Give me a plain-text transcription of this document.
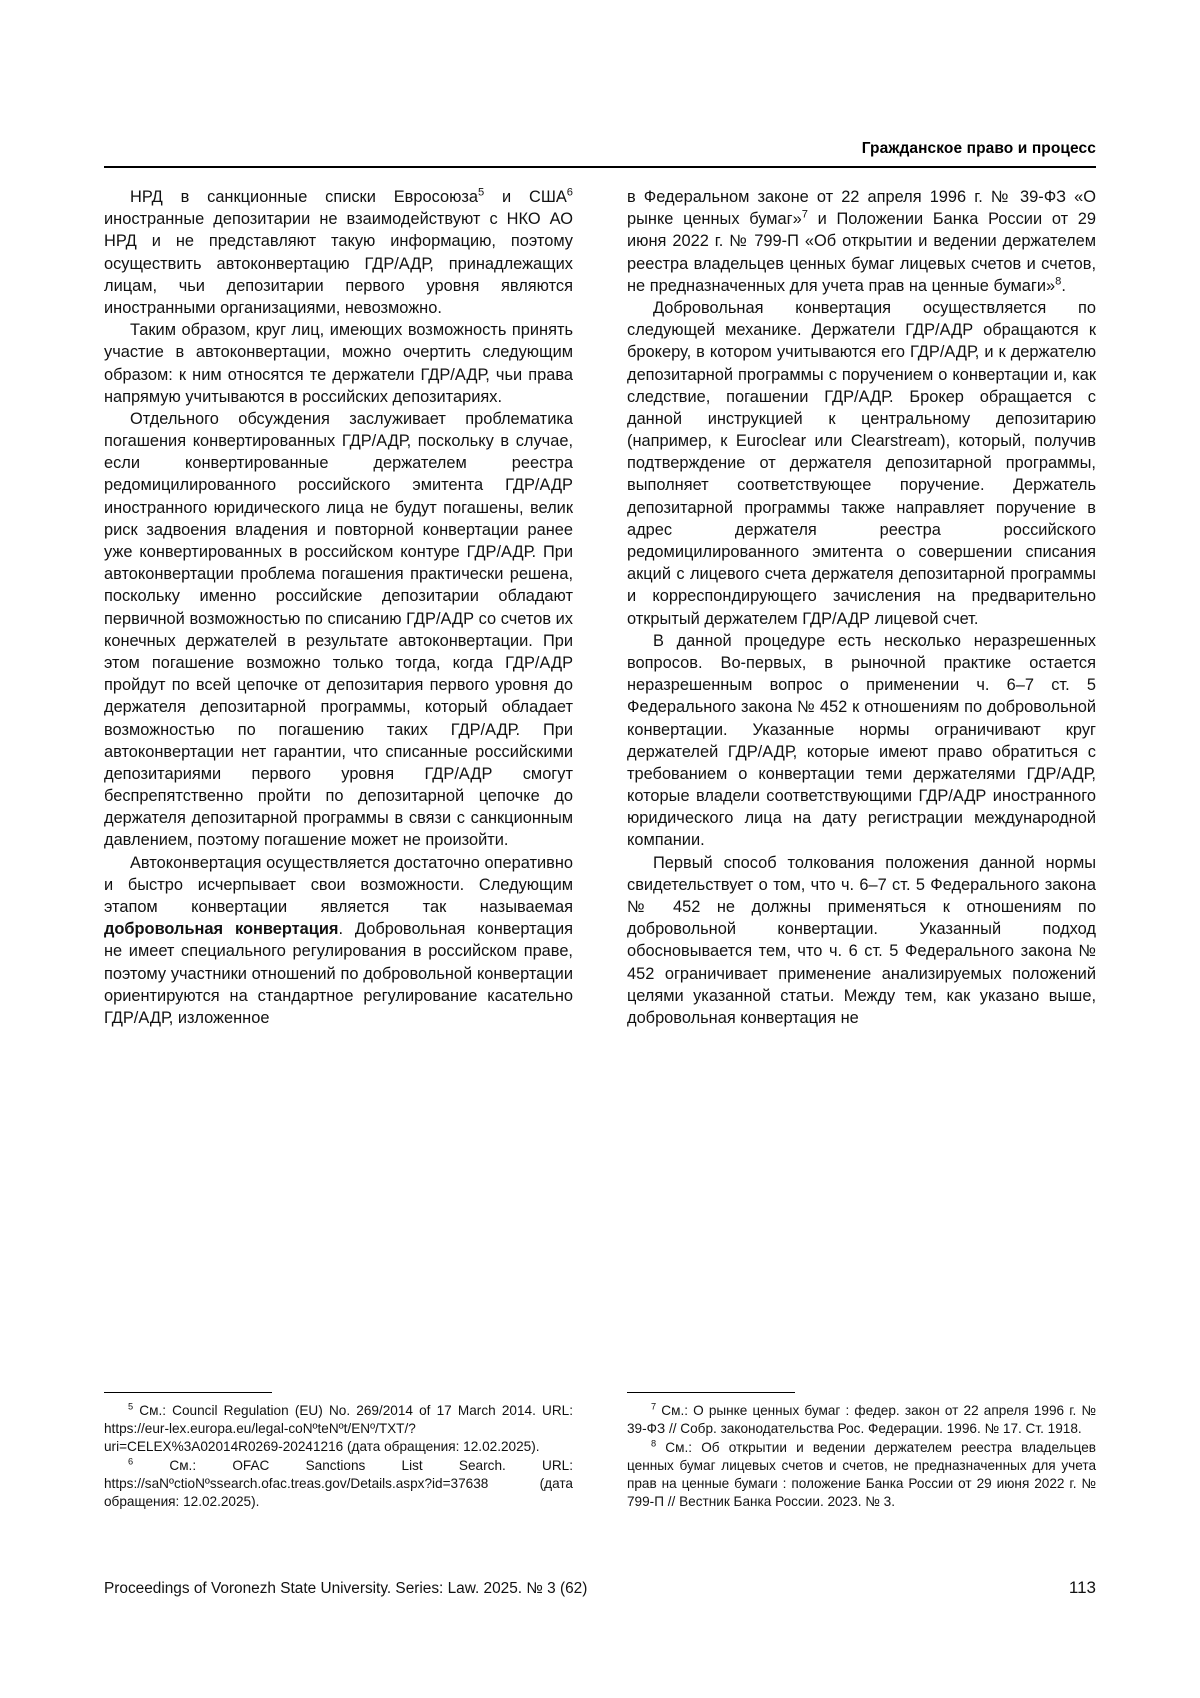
Гражданское право и процесс

НРД в санкционные списки Евросоюза$^5$ и США$^6$ иностранные депозитарии не взаимодействуют с НКО АО НРД и не представляют такую информацию, поэтому осуществить автоконвертацию ГДР/АДР, принадлежащих лицам, чьи депозитарии первого уровня являются иностранными организациями, невозможно.

Таким образом, круг лиц, имеющих возможность принять участие в автоконвертации, можно очертить следующим образом: к ним относятся те держатели ГДР/АДР, чьи права напрямую учитываются в российских депозитариях.

Отдельного обсуждения заслуживает проблематика погашения конвертированных ГДР/АДР, поскольку в случае, если конвертированные держателем реестра редомицилированного российского эмитента ГДР/АДР иностранного юридического лица не будут погашены, велик риск задвоения владения и повторной конвертации ранее уже конвертированных в российском контуре ГДР/АДР. При автоконвертации проблема погашения практически решена, поскольку именно российские депозитарии обладают первичной возможностью по списанию ГДР/АДР со счетов их конечных держателей в результате автоконвертации. При этом погашение возможно только тогда, когда ГДР/АДР пройдут по всей цепочке от депозитария первого уровня до держателя депозитарной программы, который обладает возможностью по погашению таких ГДР/АДР. При автоконвертации нет гарантии, что списанные российскими депозитариями первого уровня ГДР/АДР смогут беспрепятственно пройти по депозитарной цепочке до держателя депозитарной программы в связи с санкционным давлением, поэтому погашение может не произойти.

Автоконвертация осуществляется достаточно оперативно и быстро исчерпывает свои возможности. Следующим этапом конвертации является так называемая добровольная конвертация. Добровольная конвертация не имеет специального регулирования в российском праве, поэтому участники отношений по добровольной конвертации ориентируются на стандартное регулирование касательно ГДР/АДР, изложенное

в Федеральном законе от 22 апреля 1996 г. № 39-ФЗ «О рынке ценных бумаг»$^7$ и Положении Банка России от 29 июня 2022 г. № 799-П «Об открытии и ведении держателем реестра владельцев ценных бумаг лицевых счетов и счетов, не предназначенных для учета прав на ценные бумаги»$^8$.

Добровольная конвертация осуществляется по следующей механике. Держатели ГДР/АДР обращаются к брокеру, в котором учитываются его ГДР/АДР, и к держателю депозитарной программы с поручением о конвертации и, как следствие, погашении ГДР/АДР. Брокер обращается с данной инструкцией к центральному депозитарию (например, к Euroclear или Clearstream), который, получив подтверждение от держателя депозитарной программы, выполняет соответствующее поручение. Держатель депозитарной программы также направляет поручение в адрес держателя реестра российского редомицилированного эмитента о совершении списания акций с лицевого счета держателя депозитарной программы и корреспондирующего зачисления на предварительно открытый держателем ГДР/АДР лицевой счет.

В данной процедуре есть несколько неразрешенных вопросов. Во-первых, в рыночной практике остается неразрешенным вопрос о применении ч. 6–7 ст. 5 Федерального закона № 452 к отношениям по добровольной конвертации. Указанные нормы ограничивают круг держателей ГДР/АДР, которые имеют право обратиться с требованием о конвертации теми держателями ГДР/АДР, которые владели соответствующими ГДР/АДР иностранного юридического лица на дату регистрации международной компании.

Первый способ толкования положения данной нормы свидетельствует о том, что ч. 6–7 ст. 5 Федерального закона № 452 не должны применяться к отношениям по добровольной конвертации. Указанный подход обосновывается тем, что ч. 6 ст. 5 Федерального закона № 452 ограничивает применение анализируемых положений целями указанной статьи. Между тем, как указано выше, добровольная конвертация не

$^5$ См.: Council Regulation (EU) No. 269/2014 of 17 March 2014. URL: https://eur-lex.europa.eu/legal-coNºteNºt/ENº/TXT/?uri=CELEX%3A02014R0269-20241216 (дата обращения: 12.02.2025).

$^6$ См.: OFAC Sanctions List Search. URL: https://saNºctioNºssearch.ofac.treas.gov/Details.aspx?id=37638 (дата обращения: 12.02.2025).

$^7$ См.: О рынке ценных бумаг : федер. закон от 22 апреля 1996 г. № 39-ФЗ // Собр. законодательства Рос. Федерации. 1996. № 17. Ст. 1918.

$^8$ См.: Об открытии и ведении держателем реестра владельцев ценных бумаг лицевых счетов и счетов, не предназначенных для учета прав на ценные бумаги : положение Банка России от 29 июня 2022 г. № 799-П // Вестник Банка России. 2023. № 3.

Proceedings of Voronezh State University. Series: Law. 2025. № 3 (62)	113
